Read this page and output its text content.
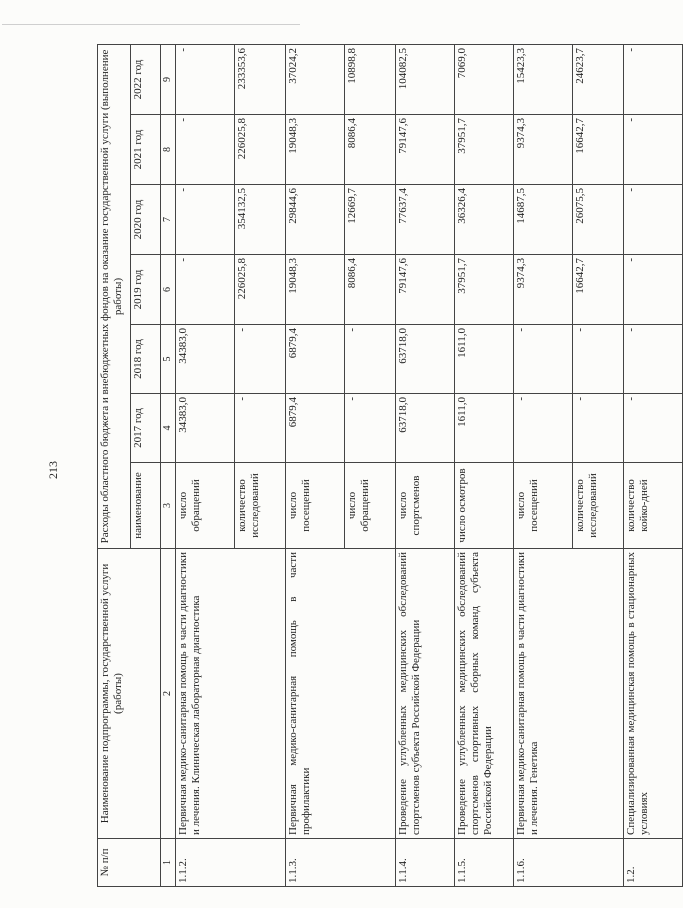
213
№ п/п	Наименование подпрограммы, государственной услуги (работы)	Расходы областного бюджета и внебюджетных фондов на оказание государственной услуги (выполнение работы)						
		наименование	2017 год	2018 год	2019 год	2020 год	2021 год	2022 год
1	2	3	4	5	6	7	8	9
1.1.2.	Первичная медико-санитарная помощь в части диагностики и лечения. Клиническая лабораторная диагностика	число обращений	34383,0	34383,0	-	-	-	-
		количество исследований	-	-	226025,8	354132,5	226025,8	233353,6
1.1.3.	Первичная медико-санитарная помощь в части профилактики	число посещений	6879,4	6879,4	19048,3	29844,6	19048,3	37024,2
		число обращений	-	-	8086,4	12669,7	8086,4	10898,8
1.1.4.	Проведение углубленных медицинских обследований спортсменов субъекта Российской Федерации	число спортсменов	63718,0	63718,0	79147,6	77637,4	79147,6	104082,5
1.1.5.	Проведение углубленных медицинских обследований спортсменов спортивных сборных команд субъекта Российской Федерации	число осмотров	1611,0	1611,0	37951,7	36326,4	37951,7	7069,0
1.1.6.	Первичная медико-санитарная помощь в части диагностики и лечения. Генетика	число посещений	-	-	9374,3	14687,5	9374,3	15423,3
		количество исследований	-	-	16642,7	26075,5	16642,7	24623,7
1.2.	Специализированная медицинская помощь в стационарных условиях	количество койко-дней	-	-	-	-	-	-
